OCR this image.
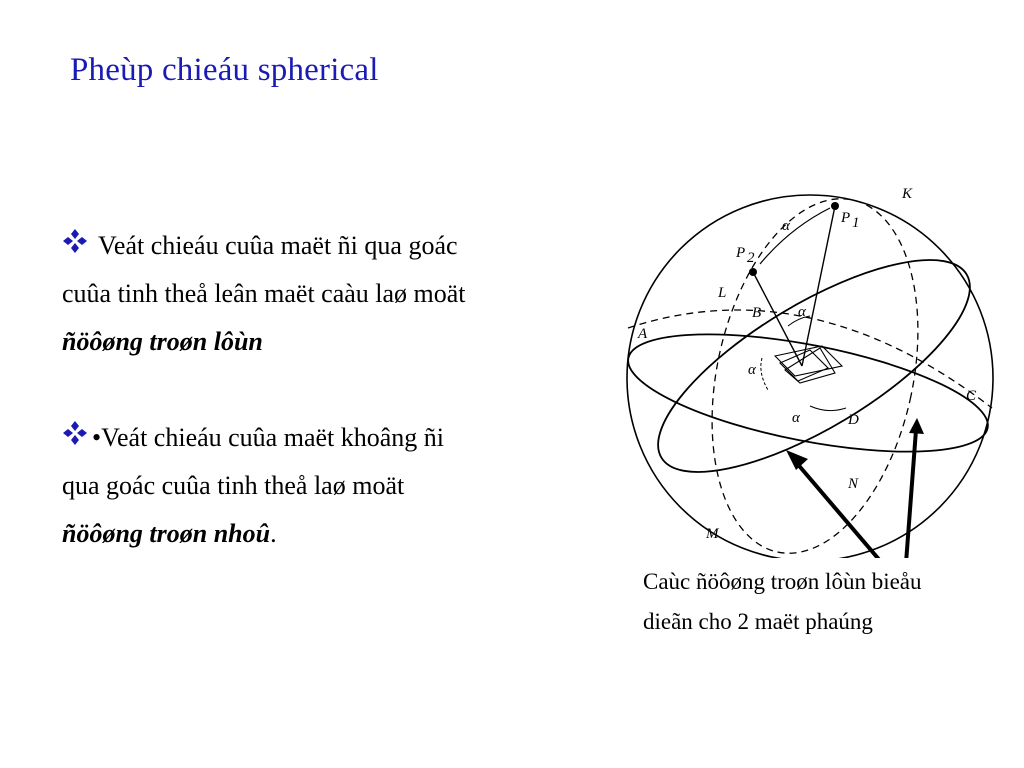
Pheùp chieáu spherical
Veát chieáu cuûa maët ñi qua goác
cuûa tinh theå leân maët caàu laø moät
ñöôøng troøn lôùn
•Veát chieáu cuûa maët khoâng ñi
qua goác cuûa tinh theå laø moät
ñöôøng troøn nhoû.
K
P 1
P 2
L
B
A
C
D
N
M
α
α
α
α
Caùc ñöôøng troøn lôùn bieåu
dieãn cho 2 maët phaúng
